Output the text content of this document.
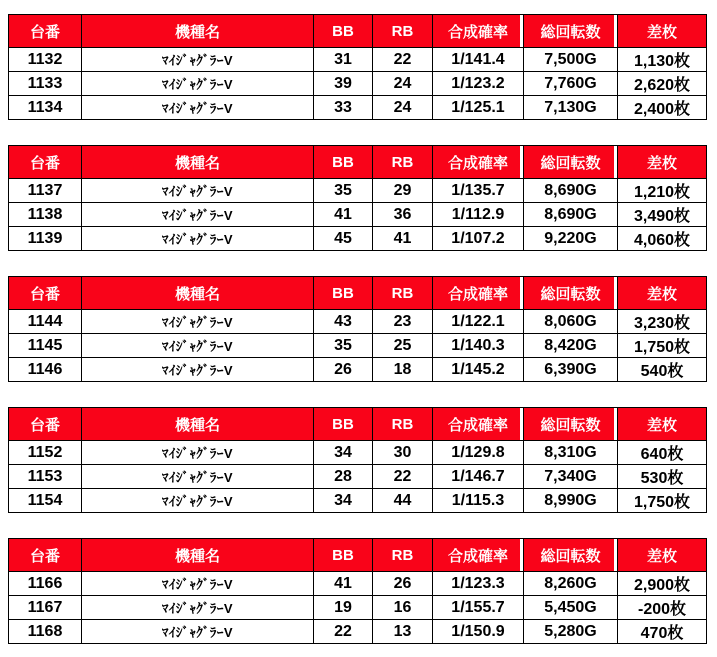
台番	機種名	BB	RB	合成確率	総回転数	差枚
1132	ﾏｲｼﾞｬｸﾞﾗｰV	31	22	1/141.4	7,500G	1,130枚
1133	ﾏｲｼﾞｬｸﾞﾗｰV	39	24	1/123.2	7,760G	2,620枚
1134	ﾏｲｼﾞｬｸﾞﾗｰV	33	24	1/125.1	7,130G	2,400枚
台番	機種名	BB	RB	合成確率	総回転数	差枚
1137	ﾏｲｼﾞｬｸﾞﾗｰV	35	29	1/135.7	8,690G	1,210枚
1138	ﾏｲｼﾞｬｸﾞﾗｰV	41	36	1/112.9	8,690G	3,490枚
1139	ﾏｲｼﾞｬｸﾞﾗｰV	45	41	1/107.2	9,220G	4,060枚
台番	機種名	BB	RB	合成確率	総回転数	差枚
1144	ﾏｲｼﾞｬｸﾞﾗｰV	43	23	1/122.1	8,060G	3,230枚
1145	ﾏｲｼﾞｬｸﾞﾗｰV	35	25	1/140.3	8,420G	1,750枚
1146	ﾏｲｼﾞｬｸﾞﾗｰV	26	18	1/145.2	6,390G	540枚
台番	機種名	BB	RB	合成確率	総回転数	差枚
1152	ﾏｲｼﾞｬｸﾞﾗｰV	34	30	1/129.8	8,310G	640枚
1153	ﾏｲｼﾞｬｸﾞﾗｰV	28	22	1/146.7	7,340G	530枚
1154	ﾏｲｼﾞｬｸﾞﾗｰV	34	44	1/115.3	8,990G	1,750枚
台番	機種名	BB	RB	合成確率	総回転数	差枚
1166	ﾏｲｼﾞｬｸﾞﾗｰV	41	26	1/123.3	8,260G	2,900枚
1167	ﾏｲｼﾞｬｸﾞﾗｰV	19	16	1/155.7	5,450G	-200枚
1168	ﾏｲｼﾞｬｸﾞﾗｰV	22	13	1/150.9	5,280G	470枚
